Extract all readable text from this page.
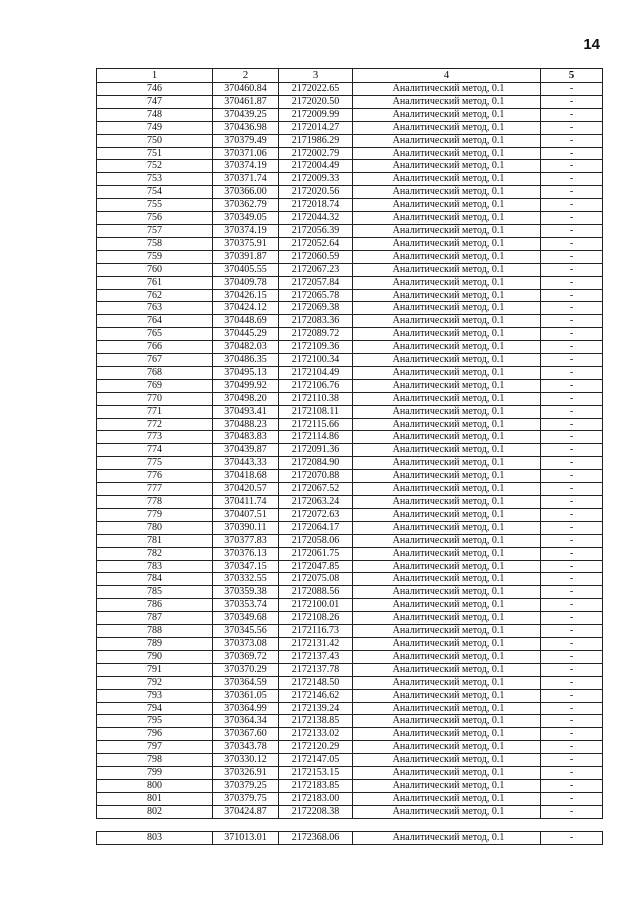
14
1	2	3	4	5
746	370460.84	2172022.65	Аналитический метод, 0.1	-
747	370461.87	2172020.50	Аналитический метод, 0.1	-
748	370439.25	2172009.99	Аналитический метод, 0.1	-
749	370436.98	2172014.27	Аналитический метод, 0.1	-
750	370379.49	2171986.29	Аналитический метод, 0.1	-
751	370371.06	2172002.79	Аналитический метод, 0.1	-
752	370374.19	2172004.49	Аналитический метод, 0.1	-
753	370371.74	2172009.33	Аналитический метод, 0.1	-
754	370366.00	2172020.56	Аналитический метод, 0.1	-
755	370362.79	2172018.74	Аналитический метод, 0.1	-
756	370349.05	2172044.32	Аналитический метод, 0.1	-
757	370374.19	2172056.39	Аналитический метод, 0.1	-
758	370375.91	2172052.64	Аналитический метод, 0.1	-
759	370391.87	2172060.59	Аналитический метод, 0.1	-
760	370405.55	2172067.23	Аналитический метод, 0.1	-
761	370409.78	2172057.84	Аналитический метод, 0.1	-
762	370426.15	2172065.78	Аналитический метод, 0.1	-
763	370424.12	2172069.38	Аналитический метод, 0.1	-
764	370448.69	2172083.36	Аналитический метод, 0.1	-
765	370445.29	2172089.72	Аналитический метод, 0.1	-
766	370482.03	2172109.36	Аналитический метод, 0.1	-
767	370486.35	2172100.34	Аналитический метод, 0.1	-
768	370495.13	2172104.49	Аналитический метод, 0.1	-
769	370499.92	2172106.76	Аналитический метод, 0.1	-
770	370498.20	2172110.38	Аналитический метод, 0.1	-
771	370493.41	2172108.11	Аналитический метод, 0.1	-
772	370488.23	2172115.66	Аналитический метод, 0.1	-
773	370483.83	2172114.86	Аналитический метод, 0.1	-
774	370439.87	2172091.36	Аналитический метод, 0.1	-
775	370443.33	2172084.90	Аналитический метод, 0.1	-
776	370418.68	2172070.88	Аналитический метод, 0.1	-
777	370420.57	2172067.52	Аналитический метод, 0.1	-
778	370411.74	2172063.24	Аналитический метод, 0.1	-
779	370407.51	2172072.63	Аналитический метод, 0.1	-
780	370390.11	2172064.17	Аналитический метод, 0.1	-
781	370377.83	2172058.06	Аналитический метод, 0.1	-
782	370376.13	2172061.75	Аналитический метод, 0.1	-
783	370347.15	2172047.85	Аналитический метод, 0.1	-
784	370332.55	2172075.08	Аналитический метод, 0.1	-
785	370359.38	2172088.56	Аналитический метод, 0.1	-
786	370353.74	2172100.01	Аналитический метод, 0.1	-
787	370349.68	2172108.26	Аналитический метод, 0.1	-
788	370345.56	2172116.73	Аналитический метод, 0.1	-
789	370373.08	2172131.42	Аналитический метод, 0.1	-
790	370369.72	2172137.43	Аналитический метод, 0.1	-
791	370370.29	2172137.78	Аналитический метод, 0.1	-
792	370364.59	2172148.50	Аналитический метод, 0.1	-
793	370361.05	2172146.62	Аналитический метод, 0.1	-
794	370364.99	2172139.24	Аналитический метод, 0.1	-
795	370364.34	2172138.85	Аналитический метод, 0.1	-
796	370367.60	2172133.02	Аналитический метод, 0.1	-
797	370343.78	2172120.29	Аналитический метод, 0.1	-
798	370330.12	2172147.05	Аналитический метод, 0.1	-
799	370326.91	2172153.15	Аналитический метод, 0.1	-
800	370379.25	2172183.85	Аналитический метод, 0.1	-
801	370379.75	2172183.00	Аналитический метод, 0.1	-
802	370424.87	2172208.38	Аналитический метод, 0.1	-

803	371013.01	2172368.06	Аналитический метод, 0.1	-
